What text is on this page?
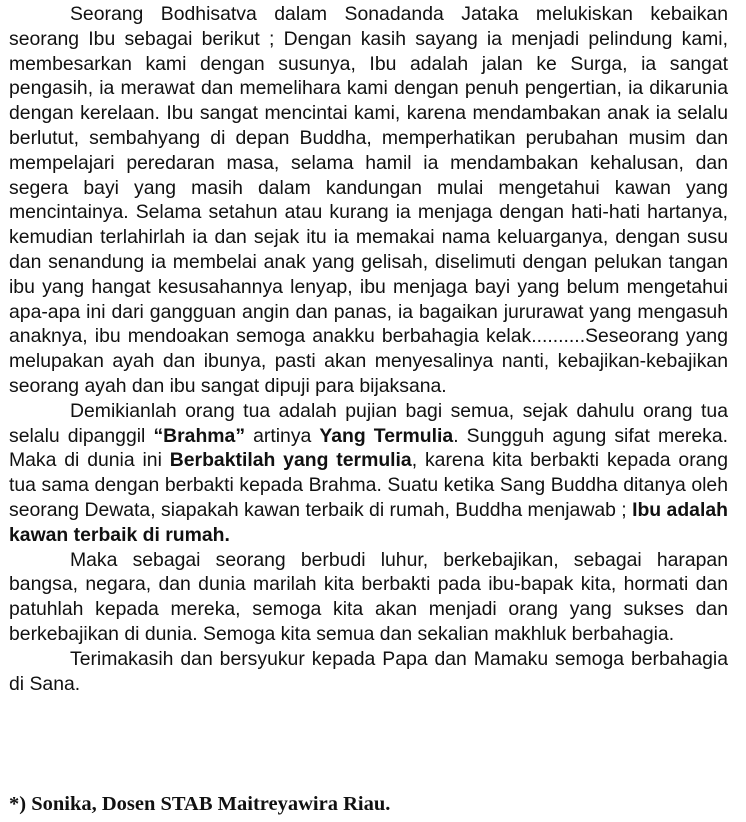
Seorang Bodhisatva dalam Sonadanda Jataka melukiskan kebaikan seorang Ibu sebagai berikut ; Dengan kasih sayang ia menjadi pelindung kami, membesarkan kami dengan susunya, Ibu adalah jalan ke Surga, ia sangat pengasih, ia merawat dan memelihara kami dengan penuh pengertian, ia dikarunia dengan kerelaan. Ibu sangat mencintai kami, karena mendambakan anak ia selalu berlutut, sembahyang di depan Buddha, memperhatikan perubahan musim dan mempelajari peredaran masa, selama hamil ia mendambakan kehalusan, dan segera bayi yang masih dalam kandungan mulai mengetahui kawan yang mencintainya. Selama setahun atau kurang ia menjaga dengan hati-hati hartanya, kemudian terlahirlah ia dan sejak itu ia memakai nama keluarganya, dengan susu dan senandung ia membelai anak yang gelisah, diselimuti dengan pelukan tangan ibu yang hangat kesusahannya lenyap, ibu menjaga bayi yang belum mengetahui apa-apa ini dari gangguan angin dan panas, ia bagaikan jururawat yang mengasuh anaknya, ibu mendoakan semoga anakku berbahagia kelak..........Seseorang yang melupakan ayah dan ibunya, pasti akan menyesalinya nanti, kebajikan-kebajikan seorang ayah dan ibu sangat dipuji para bijaksana.

Demikianlah orang tua adalah pujian bagi semua, sejak dahulu orang tua selalu dipanggil “Brahma” artinya Yang Termulia. Sungguh agung sifat mereka. Maka di dunia ini Berbaktilah yang termulia, karena kita berbakti kepada orang tua sama dengan berbakti kepada Brahma. Suatu ketika Sang Buddha ditanya oleh seorang Dewata, siapakah kawan terbaik di rumah, Buddha menjawab ; Ibu adalah kawan terbaik di rumah.

Maka sebagai seorang berbudi luhur, berkebajikan, sebagai harapan bangsa, negara, dan dunia marilah kita berbakti pada ibu-bapak kita, hormati dan patuhlah kepada mereka, semoga kita akan menjadi orang yang sukses dan berkebajikan di dunia. Semoga kita semua dan sekalian makhluk berbahagia.

Terimakasih dan bersyukur kepada Papa dan Mamaku semoga berbahagia di Sana.

*) Sonika, Dosen STAB Maitreyawira Riau.
